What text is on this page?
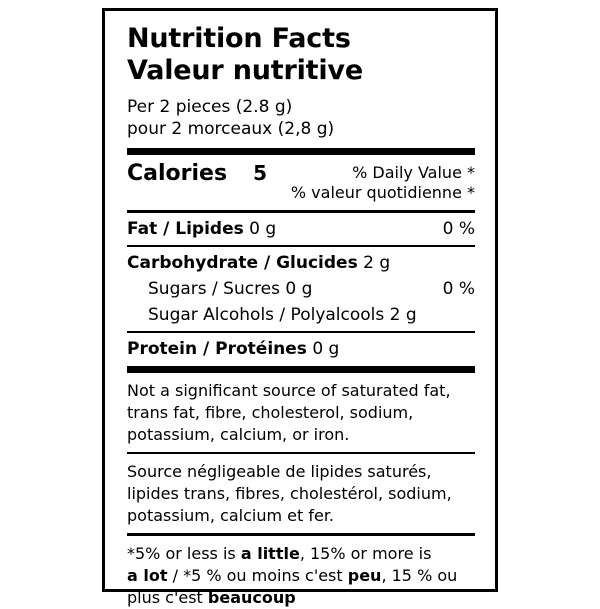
Nutrition Facts
Valeur nutritive
Per 2 pieces (2.8 g)
pour 2 morceaux (2,8 g)
Calories 5	% Daily Value *
% valeur quotidienne *
Fat / Lipides 0 g	0 %
Carbohydrate / Glucides 2 g
Sugars / Sucres 0 g	0 %
Sugar Alcohols / Polyalcools 2 g
Protein / Protéines 0 g
Not a significant source of saturated fat,
trans fat, fibre, cholesterol, sodium,
potassium, calcium, or iron.
Source négligeable de lipides saturés,
lipides trans, fibres, cholestérol, sodium,
potassium, calcium et fer.
*5% or less is a little, 15% or more is
a lot / *5 % ou moins c'est peu, 15 % ou
plus c'est beaucoup
